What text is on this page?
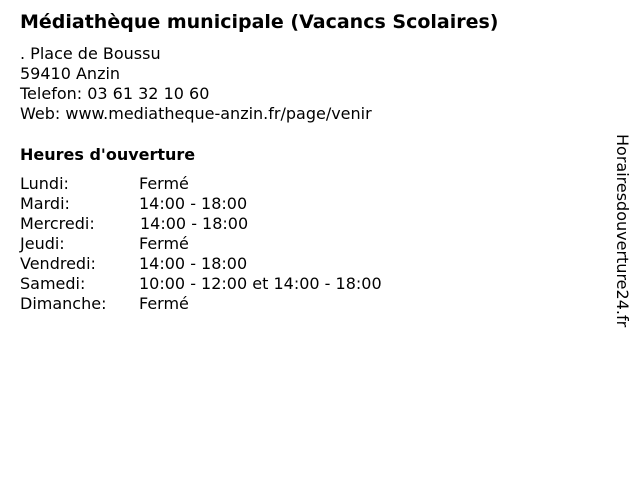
Médiathèque municipale (Vacancs Scolaires)
. Place de Boussu
59410 Anzin
Telefon: 03 61 32 10 60
Web: www.mediatheque-anzin.fr/page/venir
Heures d'ouverture
Lundi:	Fermé
Mardi:	14:00 - 18:00
Mercredi:	14:00 - 18:00
Jeudi:	Fermé
Vendredi:	14:00 - 18:00
Samedi:	10:00 - 12:00 et 14:00 - 18:00
Dimanche: Fermé	Horairesdouverture24.fr
